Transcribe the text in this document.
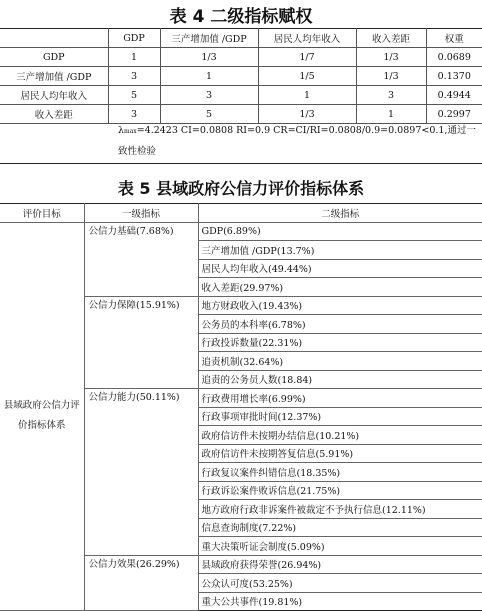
表 4 二级指标赋权
	GDP	三产增加值 /GDP	居民人均年收入	收入差距	权重
GDP	1	1/3	1/7	1/3	0.0689
三产增加值 /GDP	3	1	1/5	1/3	0.1370
居民人均年收入	5	3	1	3	0.4944
收入差距	3	5	1/3	1	0.2997
λmax=4.2423 CI=0.0808 RI=0.9 CR=CI/RI=0.0808/0.9=0.0897<0.1,通过一致性检验
表 5 县域政府公信力评价指标体系
评价目标	一级指标	二级指标
县域政府公信力评价指标体系	公信力基础(7.68%)	GDP(6.89%)
		三产增加值 /GDP(13.7%)
		居民人均年收入(49.44%)
		收入差距(29.97%)
	公信力保障(15.91%)	地方财政收入(19.43%)
		公务员的本科率(6.78%)
		行政投诉数量(22.31%)
		追责机制(32.64%)
		追责的公务员人数(18.84)
	公信力能力(50.11%)	行政费用增长率(6.99%)
		行政事项审批时间(12.37%)
		政府信访件未按期办结信息(10.21%)
		政府信访件未按期答复信息(5.91%)
		行政复议案件纠错信息(18.35%)
		行政诉讼案件败诉信息(21.75%)
		地方政府行政非诉案件被裁定不予执行信息(12.11%)
		信息查询制度(7.22%)
		重大决策听证会制度(5.09%)
	公信力效果(26.29%)	县域政府获得荣誉(26.94%)
		公众认可度(53.25%)
		重大公共事件(19.81%)
